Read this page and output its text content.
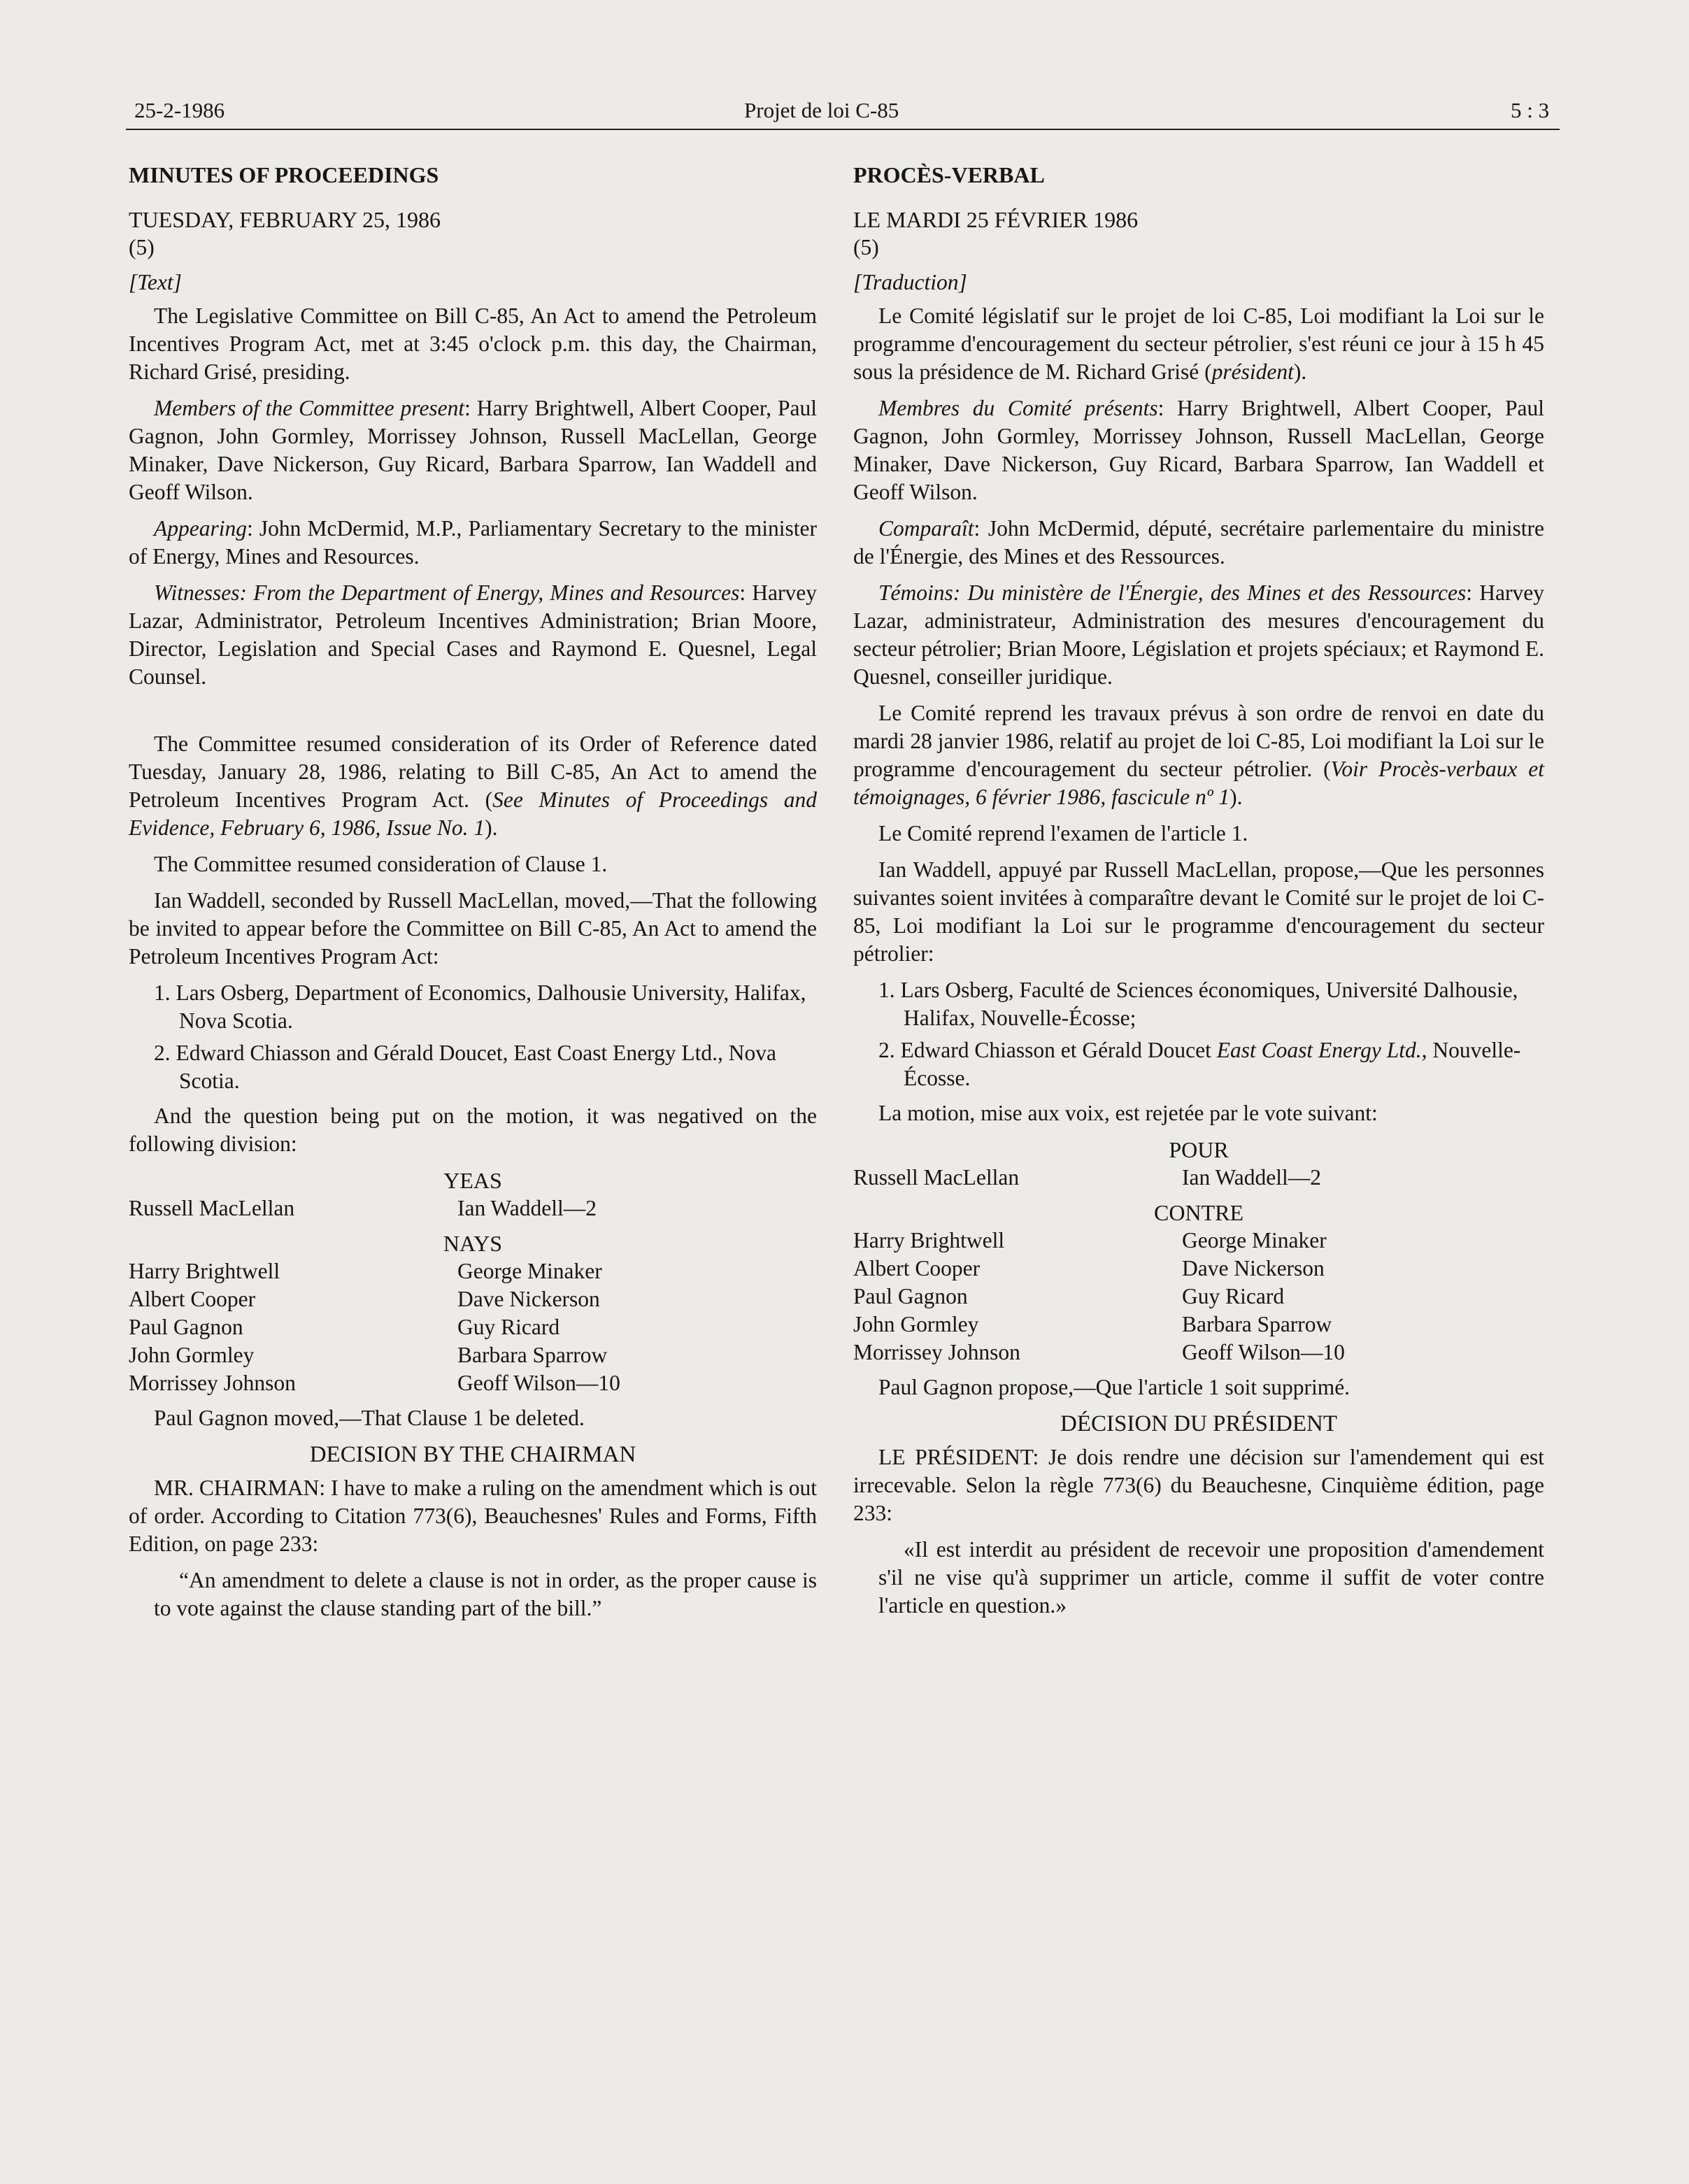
25-2-1986	Projet de loi C-85	5 : 3
MINUTES OF PROCEEDINGS
TUESDAY, FEBRUARY 25, 1986
(5)
[Text]

The Legislative Committee on Bill C-85, An Act to amend the Petroleum Incentives Program Act, met at 3:45 o'clock p.m. this day, the Chairman, Richard Grisé, presiding.

Members of the Committee present: Harry Brightwell, Albert Cooper, Paul Gagnon, John Gormley, Morrissey Johnson, Russell MacLellan, George Minaker, Dave Nickerson, Guy Ricard, Barbara Sparrow, Ian Waddell and Geoff Wilson.

Appearing: John McDermid, M.P., Parliamentary Secretary to the minister of Energy, Mines and Resources.

Witnesses: From the Department of Energy, Mines and Resources: Harvey Lazar, Administrator, Petroleum Incentives Administration; Brian Moore, Director, Legislation and Special Cases and Raymond E. Quesnel, Legal Counsel.

The Committee resumed consideration of its Order of Reference dated Tuesday, January 28, 1986, relating to Bill C-85, An Act to amend the Petroleum Incentives Program Act. (See Minutes of Proceedings and Evidence, February 6, 1986, Issue No. 1).

The Committee resumed consideration of Clause 1.

Ian Waddell, seconded by Russell MacLellan, moved,—That the following be invited to appear before the Committee on Bill C-85, An Act to amend the Petroleum Incentives Program Act:

1. Lars Osberg, Department of Economics, Dalhousie University, Halifax, Nova Scotia.
2. Edward Chiasson and Gérald Doucet, East Coast Energy Ltd., Nova Scotia.

And the question being put on the motion, it was negatived on the following division:

YEAS
Russell MacLellan	Ian Waddell—2
NAYS
Harry Brightwell	George Minaker
Albert Cooper	Dave Nickerson
Paul Gagnon	Guy Ricard
John Gormley	Barbara Sparrow
Morrissey Johnson	Geoff Wilson—10

Paul Gagnon moved,—That Clause 1 be deleted.

DECISION BY THE CHAIRMAN

MR. CHAIRMAN: I have to make a ruling on the amendment which is out of order. According to Citation 773(6), Beauchesnes' Rules and Forms, Fifth Edition, on page 233:

“An amendment to delete a clause is not in order, as the proper cause is to vote against the clause standing part of the bill.”

PROCÈS-VERBAL
LE MARDI 25 FÉVRIER 1986
(5)
[Traduction]

Le Comité législatif sur le projet de loi C-85, Loi modifiant la Loi sur le programme d'encouragement du secteur pétrolier, s'est réuni ce jour à 15 h 45 sous la présidence de M. Richard Grisé (président).

Membres du Comité présents: Harry Brightwell, Albert Cooper, Paul Gagnon, John Gormley, Morrissey Johnson, Russell MacLellan, George Minaker, Dave Nickerson, Guy Ricard, Barbara Sparrow, Ian Waddell et Geoff Wilson.

Comparaît: John McDermid, député, secrétaire parlementaire du ministre de l'Énergie, des Mines et des Ressources.

Témoins: Du ministère de l'Énergie, des Mines et des Ressources: Harvey Lazar, administrateur, Administration des mesures d'encouragement du secteur pétrolier; Brian Moore, Législation et projets spéciaux; et Raymond E. Quesnel, conseiller juridique.

Le Comité reprend les travaux prévus à son ordre de renvoi en date du mardi 28 janvier 1986, relatif au projet de loi C-85, Loi modifiant la Loi sur le programme d'encouragement du secteur pétrolier. (Voir Procès-verbaux et témoignages, 6 février 1986, fascicule nº 1).

Le Comité reprend l'examen de l'article 1.

Ian Waddell, appuyé par Russell MacLellan, propose,—Que les personnes suivantes soient invitées à comparaître devant le Comité sur le projet de loi C-85, Loi modifiant la Loi sur le programme d'encouragement du secteur pétrolier:

1. Lars Osberg, Faculté de Sciences économiques, Université Dalhousie, Halifax, Nouvelle-Écosse;
2. Edward Chiasson et Gérald Doucet East Coast Energy Ltd., Nouvelle-Écosse.

La motion, mise aux voix, est rejetée par le vote suivant:

POUR
Russell MacLellan	Ian Waddell—2
CONTRE
Harry Brightwell	George Minaker
Albert Cooper	Dave Nickerson
Paul Gagnon	Guy Ricard
John Gormley	Barbara Sparrow
Morrissey Johnson	Geoff Wilson—10

Paul Gagnon propose,—Que l'article 1 soit supprimé.

DÉCISION DU PRÉSIDENT

LE PRÉSIDENT: Je dois rendre une décision sur l'amendement qui est irrecevable. Selon la règle 773(6) du Beauchesne, Cinquième édition, page 233:

«Il est interdit au président de recevoir une proposition d'amendement s'il ne vise qu'à supprimer un article, comme il suffit de voter contre l'article en question.»
